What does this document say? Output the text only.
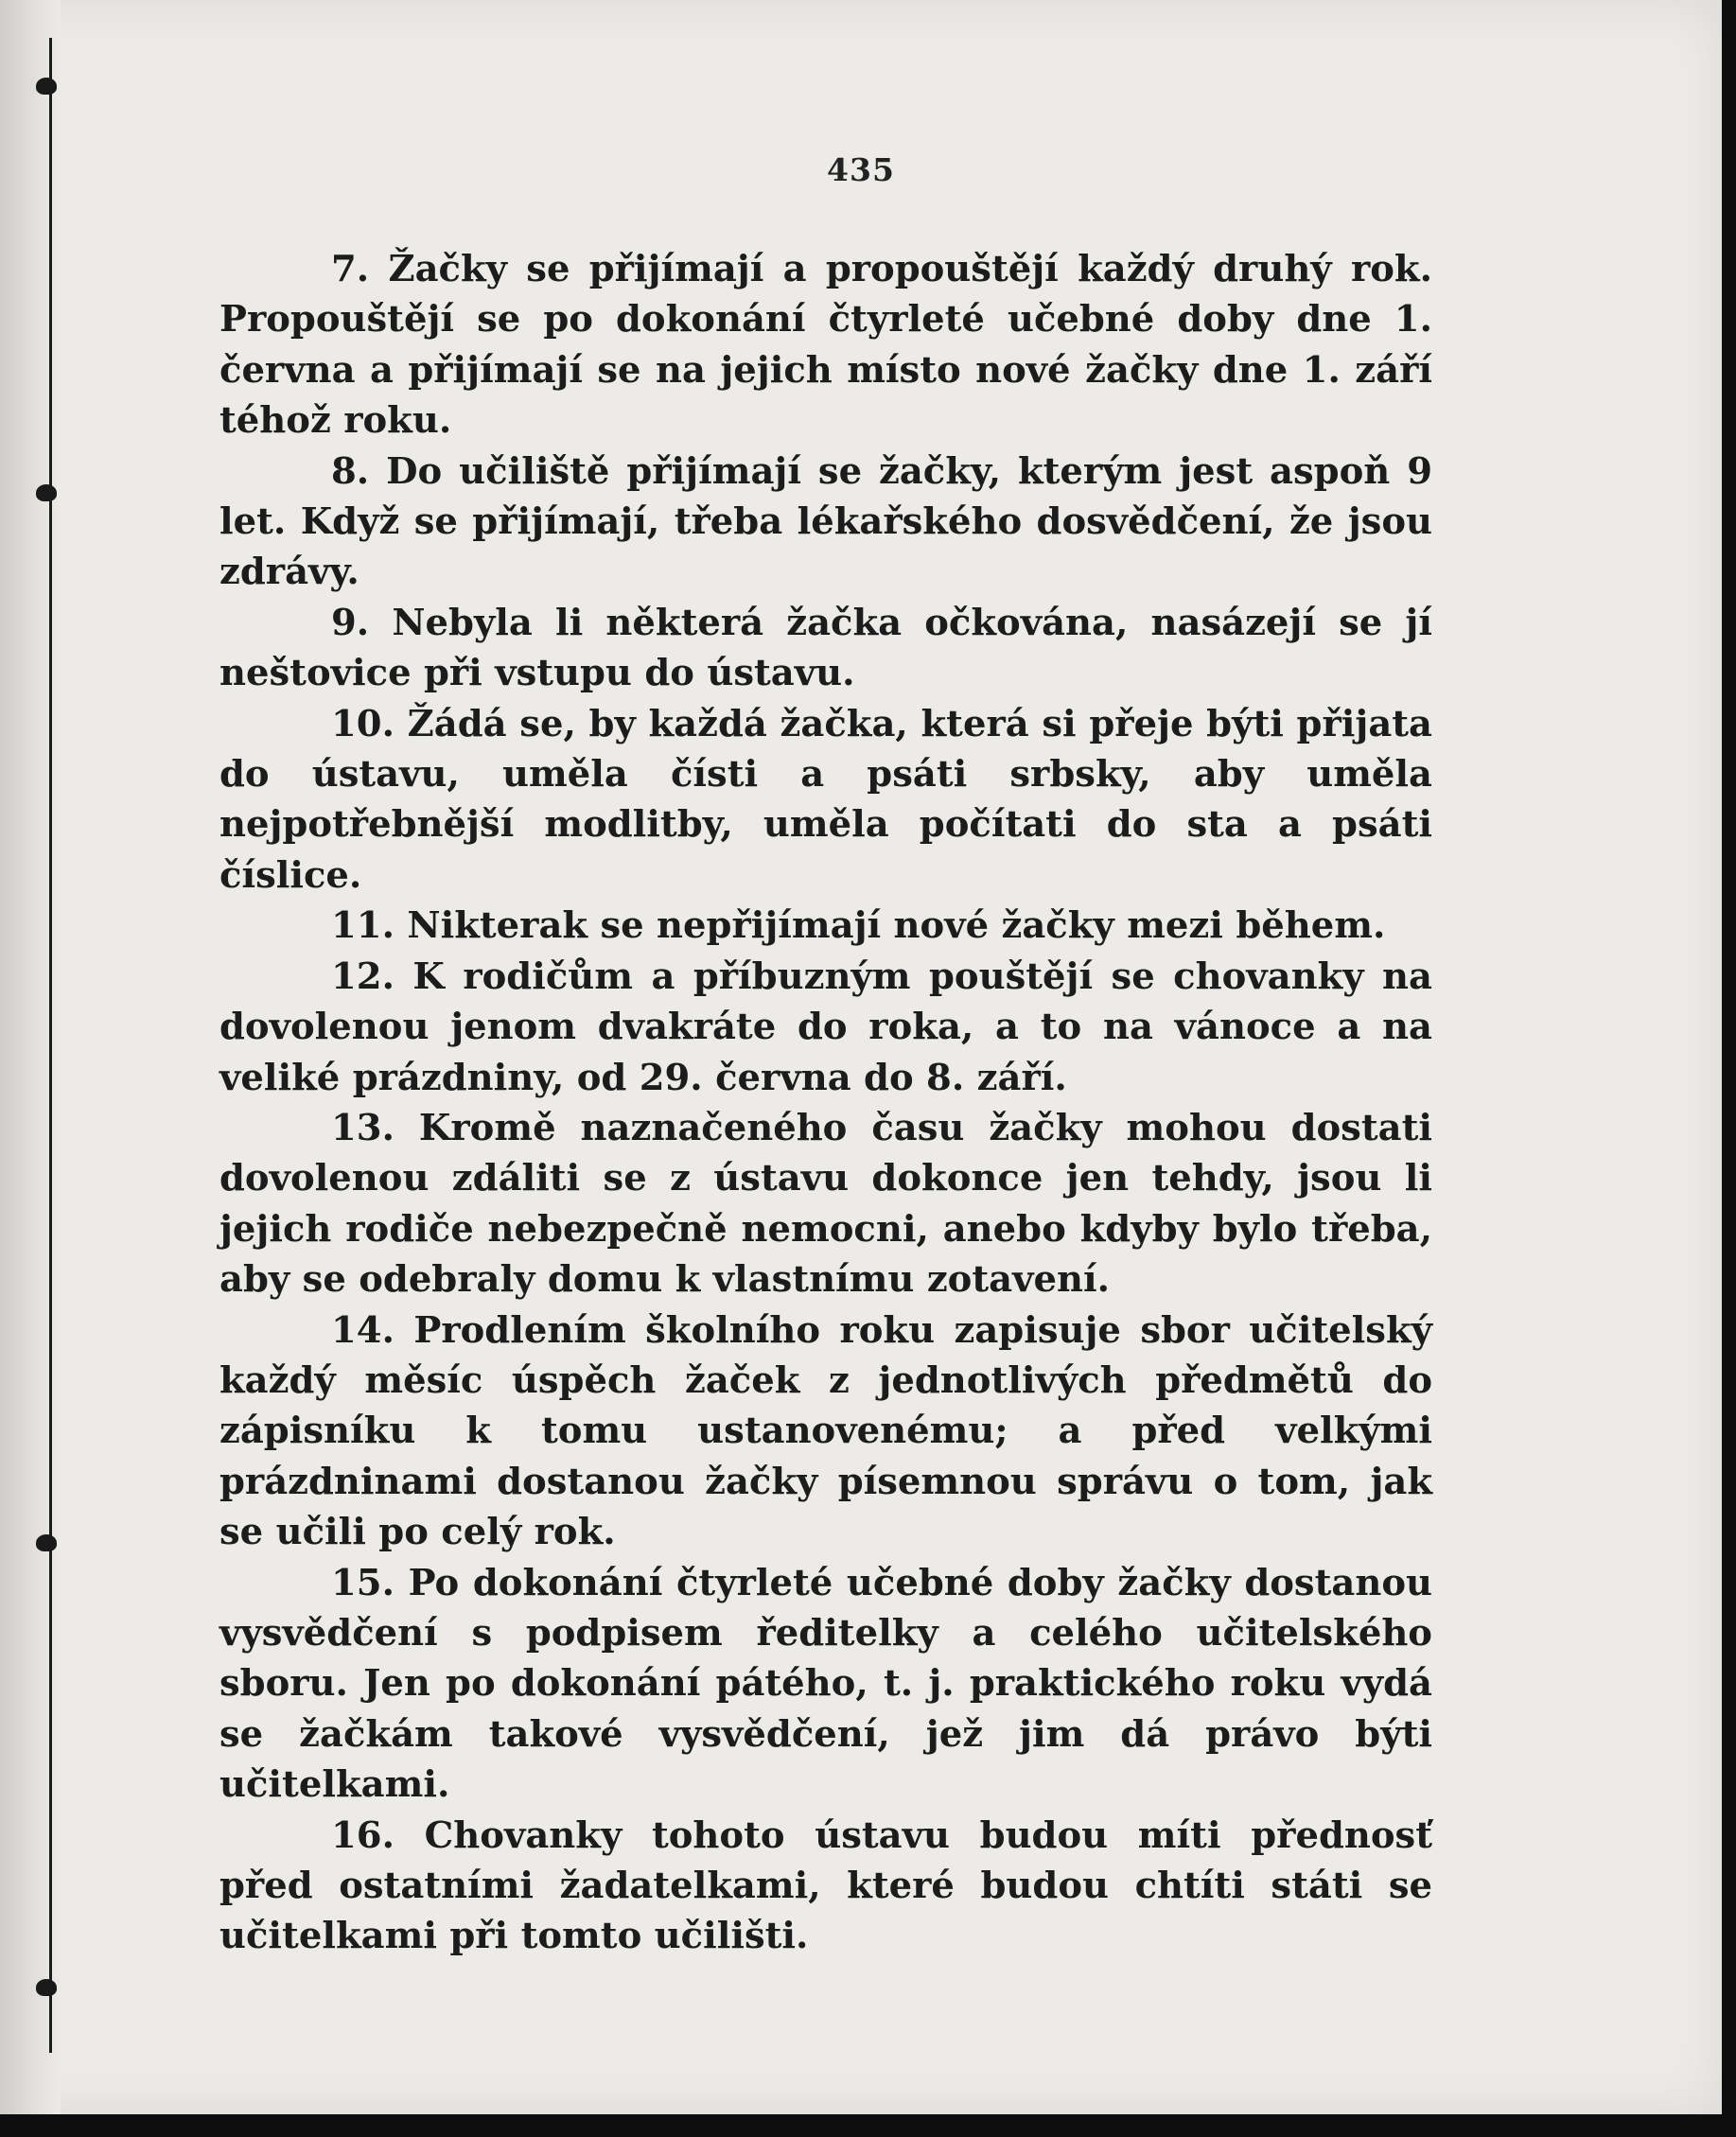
435

7. Žačky se přijímají a propouštějí každý druhý rok. Propouštějí se po dokonání čtyrleté učebné doby dne 1. června a přijímají se na jejich místo nové žačky dne 1. září téhož roku.

8. Do učiliště přijímají se žačky, kterým jest aspoň 9 let. Když se přijímají, třeba lékařského dosvědčení, že jsou zdrávy.

9. Nebyla li některá žačka očkována, nasázejí se jí neštovice při vstupu do ústavu.

10. Žádá se, by každá žačka, která si přeje býti přijata do ústavu, uměla čísti a psáti srbsky, aby uměla nejpotřebnější modlitby, uměla počítati do sta a psáti číslice.

11. Nikterak se nepřijímají nové žačky mezi během.

12. K rodičům a příbuzným pouštějí se chovanky na dovolenou jenom dvakráte do roka, a to na vánoce a na veliké prázdniny, od 29. června do 8. září.

13. Kromě naznačeného času žačky mohou dostati dovolenou zdáliti se z ústavu dokonce jen tehdy, jsou li jejich rodiče nebezpečně nemocni, anebo kdyby bylo třeba, aby se odebraly domu k vlastnímu zotavení.

14. Prodlením školního roku zapisuje sbor učitelský každý měsíc úspěch žaček z jednotlivých předmětů do zápisníku k tomu ustanovenému; a před velkými prázdninami dostanou žačky písemnou správu o tom, jak se učili po celý rok.

15. Po dokonání čtyrleté učebné doby žačky dostanou vysvědčení s podpisem ředitelky a celého učitelského sboru. Jen po dokonání pátého, t. j. praktického roku vydá se žačkám takové vysvědčení, jež jim dá právo býti učitelkami.

16. Chovanky tohoto ústavu budou míti přednosť před ostatními žadatelkami, které budou chtíti státi se učitelkami při tomto učilišti.
